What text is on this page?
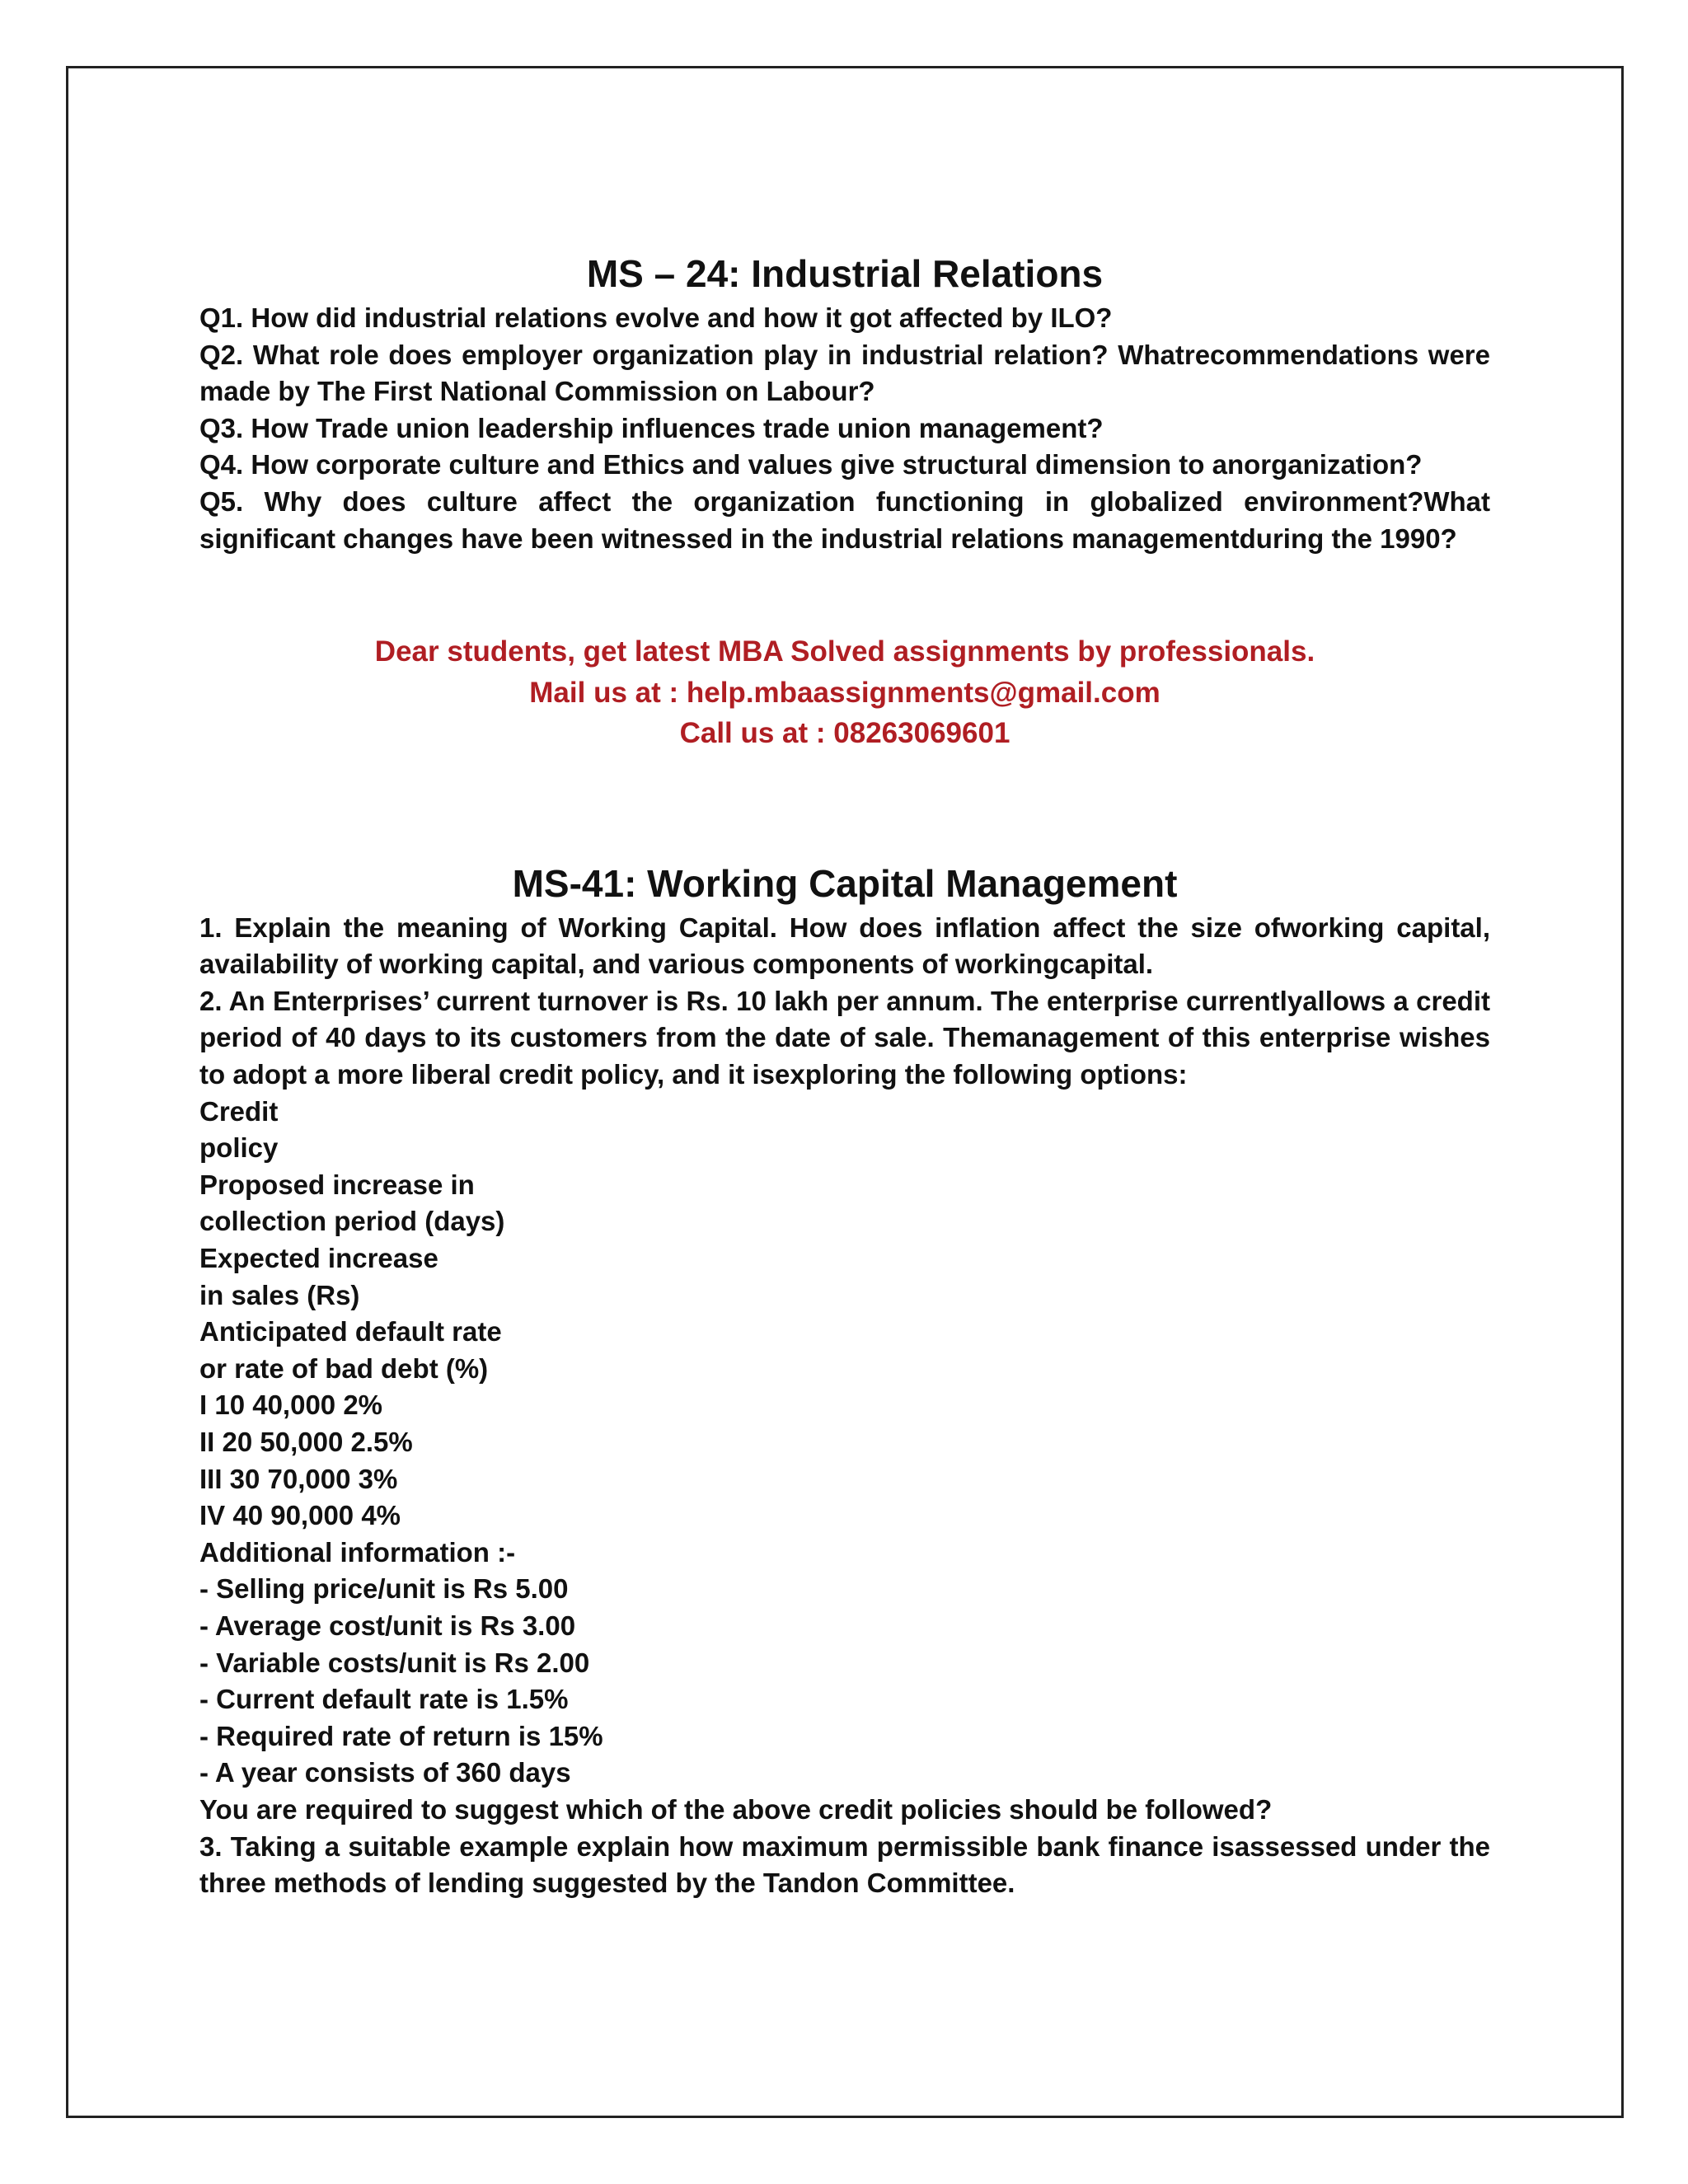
MS – 24: Industrial Relations

Q1. How did industrial relations evolve and how it got affected by ILO?

Q2. What role does employer organization play in industrial relation? Whatrecommendations were made by The First National Commission on Labour?

Q3. How Trade union leadership influences trade union management?

Q4. How corporate culture and Ethics and values give structural dimension to anorganization?

Q5. Why does culture affect the organization functioning in globalized environment?What significant changes have been witnessed in the industrial relations managementduring the 1990?

Dear students, get latest MBA Solved assignments by professionals.

Mail us at : help.mbaassignments@gmail.com

Call us at : 08263069601

MS-41: Working Capital Management

1. Explain the meaning of Working Capital. How does inflation affect the size ofworking capital, availability of working capital, and various components of workingcapital.

2. An Enterprises’ current turnover is Rs. 10 lakh per annum. The enterprise currentlyallows a credit period of 40 days to its customers from the date of sale. Themanagement of this enterprise wishes to adopt a more liberal credit policy, and it isexploring the following options:

Credit

policy

Proposed increase in

collection period (days)

Expected increase

in sales (Rs)

Anticipated default rate

or rate of bad debt (%)

I 10 40,000 2%

II 20 50,000 2.5%

III 30 70,000 3%

IV 40 90,000 4%

Additional information :-

- Selling price/unit is Rs 5.00

- Average cost/unit is Rs 3.00

- Variable costs/unit is Rs 2.00

- Current default rate is 1.5%

- Required rate of return is 15%

- A year consists of 360 days

You are required to suggest which of the above credit policies should be followed?

3. Taking a suitable example explain how maximum permissible bank finance isassessed under the three methods of lending suggested by the Tandon Committee.
